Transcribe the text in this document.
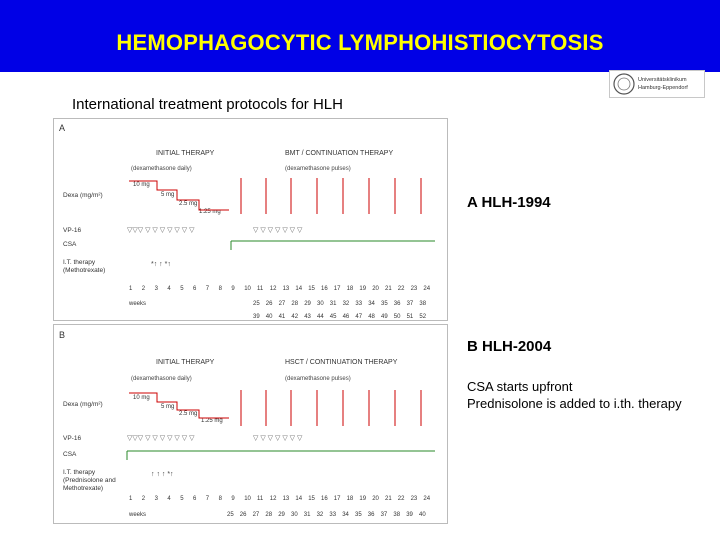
HEMOPHAGOCYTIC LYMPHOHISTIOCYTOSIS
Universitätsklinikum
Hamburg-Eppendorf
International treatment protocols for HLH
A
INITIAL THERAPY	BMT / CONTINUATION THERAPY
(dexamethasone daily)	(dexamethasone pulses)
Dexa (mg/m²)
10 mg
5 mg
2.5 mg
1.25 mg
VP-16	▽▽▽ ▽ ▽ ▽ ▽ ▽ ▽ ▽	▽ ▽ ▽ ▽ ▽ ▽ ▽
CSA
I.T. therapy
(Methotrexate)
*↑ ↑ *↑
1 2 3 4 5 6 7 8 9 10 11 12 13 14 15 16 17 18 19 20 21 22 23 24
weeks	25 26 27 28 29 30 31 32 33 34 35 36 37 38
39 40 41 42 43 44 45 46 47 48 49 50 51 52
B
INITIAL THERAPY	HSCT / CONTINUATION THERAPY
(dexamethasone daily)	(dexamethasone pulses)
Dexa (mg/m²)
10 mg
5 mg
2.5 mg
1.25 mg
VP-16	▽▽▽ ▽ ▽ ▽ ▽ ▽ ▽ ▽	▽ ▽ ▽ ▽ ▽ ▽ ▽
CSA
I.T. therapy
(Prednisolone and
Methotrexate)
↑ ↑ ↑ *↑
1 2 3 4 5 6 7 8 9 10 11 12 13 14 15 16 17 18 19 20 21 22 23 24
weeks	25 26 27 28 29 30 31 32 33 34 35 36 37 38 39 40
A HLH-1994
B HLH-2004
CSA starts upfront
Prednisolone is added to i.th. therapy
